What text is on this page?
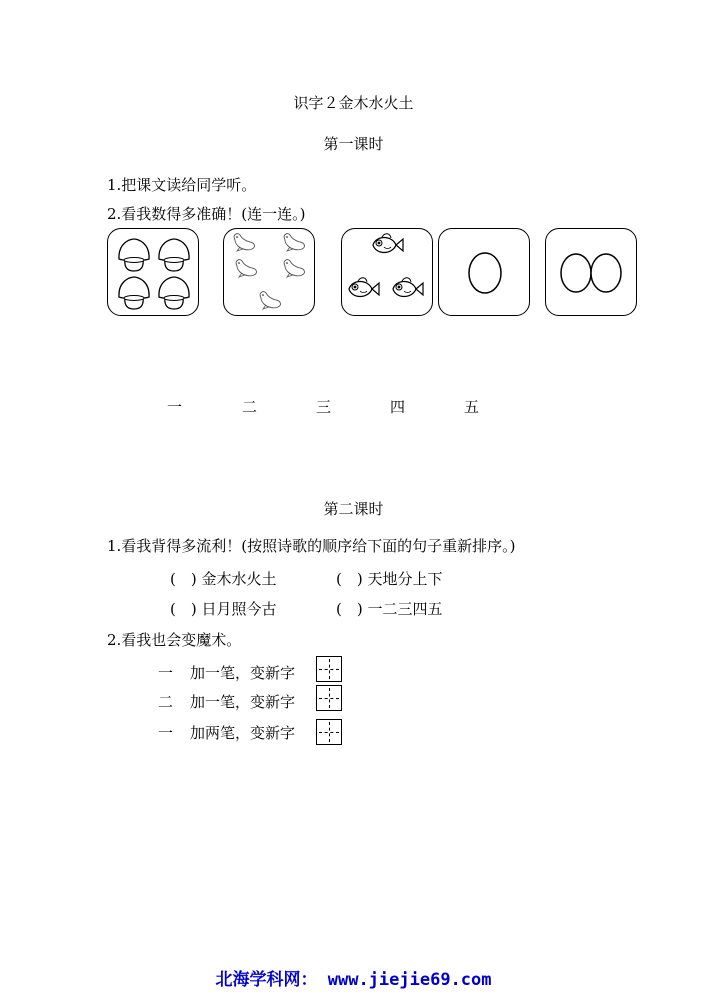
识字２金木水火土
第一课时
1.把课文读给同学听。
2.看我数得多准确！(连一连。)
一	二	三	四	五
第二课时
1.看我背得多流利！(按照诗歌的顺序给下面的句子重新排序。)
(　) 金木水火土	(　) 天地分上下
(　) 日月照今古	(　) 一二三四五
2.看我也会变魔术。
一 加一笔，变新字
二 加一笔，变新字
一 加两笔，变新字
北海学科网： www.jiejie69.com
